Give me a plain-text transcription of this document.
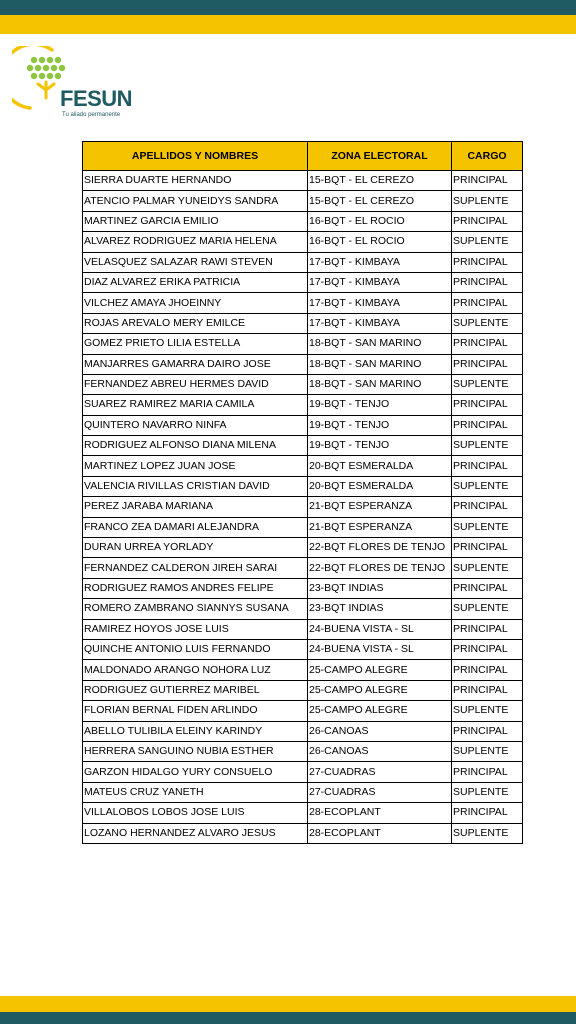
FESUN
Tu aliado permanente
APELLIDOS Y NOMBRES	ZONA ELECTORAL	CARGO
SIERRA DUARTE HERNANDO	15-BQT - EL CEREZO	PRINCIPAL
ATENCIO PALMAR YUNEIDYS SANDRA	15-BQT - EL CEREZO	SUPLENTE
MARTINEZ GARCIA EMILIO	16-BQT - EL ROCIO	PRINCIPAL
ALVAREZ RODRIGUEZ MARIA HELENA	16-BQT - EL ROCIO	SUPLENTE
VELASQUEZ SALAZAR RAWI STEVEN	17-BQT - KIMBAYA	PRINCIPAL
DIAZ ALVAREZ ERIKA PATRICIA	17-BQT - KIMBAYA	PRINCIPAL
VILCHEZ AMAYA JHOEINNY	17-BQT - KIMBAYA	PRINCIPAL
ROJAS AREVALO MERY EMILCE	17-BQT - KIMBAYA	SUPLENTE
GOMEZ PRIETO LILIA ESTELLA	18-BQT - SAN MARINO	PRINCIPAL
MANJARRES GAMARRA DAIRO JOSE	18-BQT - SAN MARINO	PRINCIPAL
FERNANDEZ ABREU HERMES DAVID	18-BQT - SAN MARINO	SUPLENTE
SUAREZ RAMIREZ MARIA CAMILA	19-BQT - TENJO	PRINCIPAL
QUINTERO NAVARRO NINFA	19-BQT - TENJO	PRINCIPAL
RODRIGUEZ ALFONSO DIANA MILENA	19-BQT - TENJO	SUPLENTE
MARTINEZ LOPEZ JUAN JOSE	20-BQT ESMERALDA	PRINCIPAL
VALENCIA RIVILLAS CRISTIAN DAVID	20-BQT ESMERALDA	SUPLENTE
PEREZ JARABA MARIANA	21-BQT ESPERANZA	PRINCIPAL
FRANCO ZEA DAMARI ALEJANDRA	21-BQT ESPERANZA	SUPLENTE
DURAN URREA YORLADY	22-BQT FLORES DE TENJO	PRINCIPAL
FERNANDEZ CALDERON JIREH SARAI	22-BQT FLORES DE TENJO	SUPLENTE
RODRIGUEZ RAMOS ANDRES FELIPE	23-BQT INDIAS	PRINCIPAL
ROMERO ZAMBRANO SIANNYS SUSANA	23-BQT INDIAS	SUPLENTE
RAMIREZ HOYOS JOSE LUIS	24-BUENA VISTA - SL	PRINCIPAL
QUINCHE ANTONIO LUIS FERNANDO	24-BUENA VISTA - SL	PRINCIPAL
MALDONADO ARANGO NOHORA LUZ	25-CAMPO ALEGRE	PRINCIPAL
RODRIGUEZ GUTIERREZ MARIBEL	25-CAMPO ALEGRE	PRINCIPAL
FLORIAN BERNAL FIDEN ARLINDO	25-CAMPO ALEGRE	SUPLENTE
ABELLO TULIBILA ELEINY KARINDY	26-CANOAS	PRINCIPAL
HERRERA SANGUINO NUBIA ESTHER	26-CANOAS	SUPLENTE
GARZON HIDALGO YURY CONSUELO	27-CUADRAS	PRINCIPAL
MATEUS CRUZ YANETH	27-CUADRAS	SUPLENTE
VILLALOBOS LOBOS JOSE LUIS	28-ECOPLANT	PRINCIPAL
LOZANO HERNANDEZ ALVARO JESUS	28-ECOPLANT	SUPLENTE
